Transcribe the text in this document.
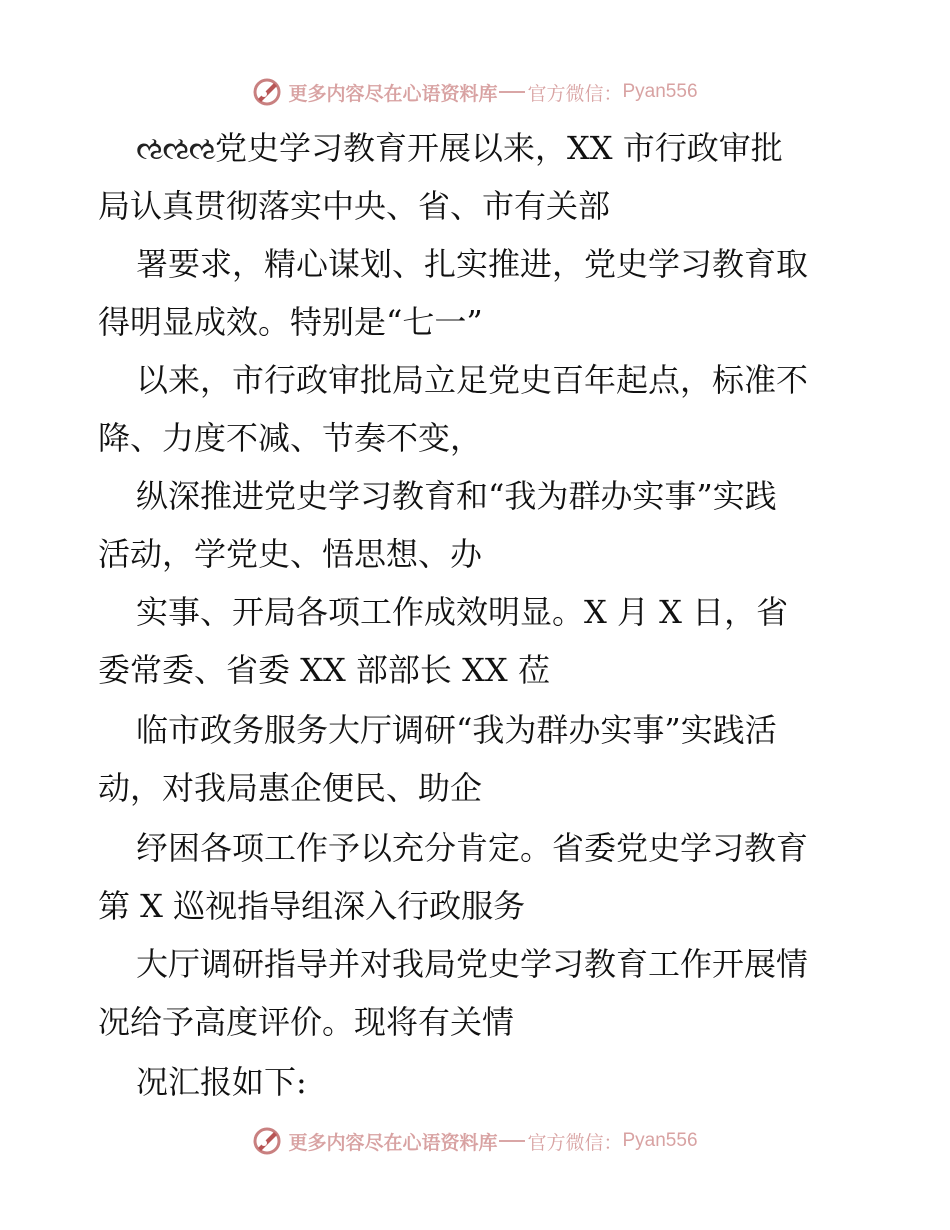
更多内容尽在心语资料库 官方微信： Pyan556
ઌઌઌ党史学习教育开展以来，XX 市行政审批
局认真贯彻落实中央、省、市有关部
署要求，精心谋划、扎实推进，党史学习教育取
得明显成效。特别是“七一”
以来，市行政审批局立足党史百年起点，标准不
降、力度不减、节奏不变，
纵深推进党史学习教育和“我为群办实事”实践
活动，学党史、悟思想、办
实事、开局各项工作成效明显。X 月 X 日，省
委常委、省委 XX 部部长 XX 莅
临市政务服务大厅调研“我为群办实事”实践活
动，对我局惠企便民、助企
纾困各项工作予以充分肯定。省委党史学习教育
第 X 巡视指导组深入行政服务
大厅调研指导并对我局党史学习教育工作开展情
况给予高度评价。现将有关情
况汇报如下:
更多内容尽在心语资料库 官方微信： Pyan556
